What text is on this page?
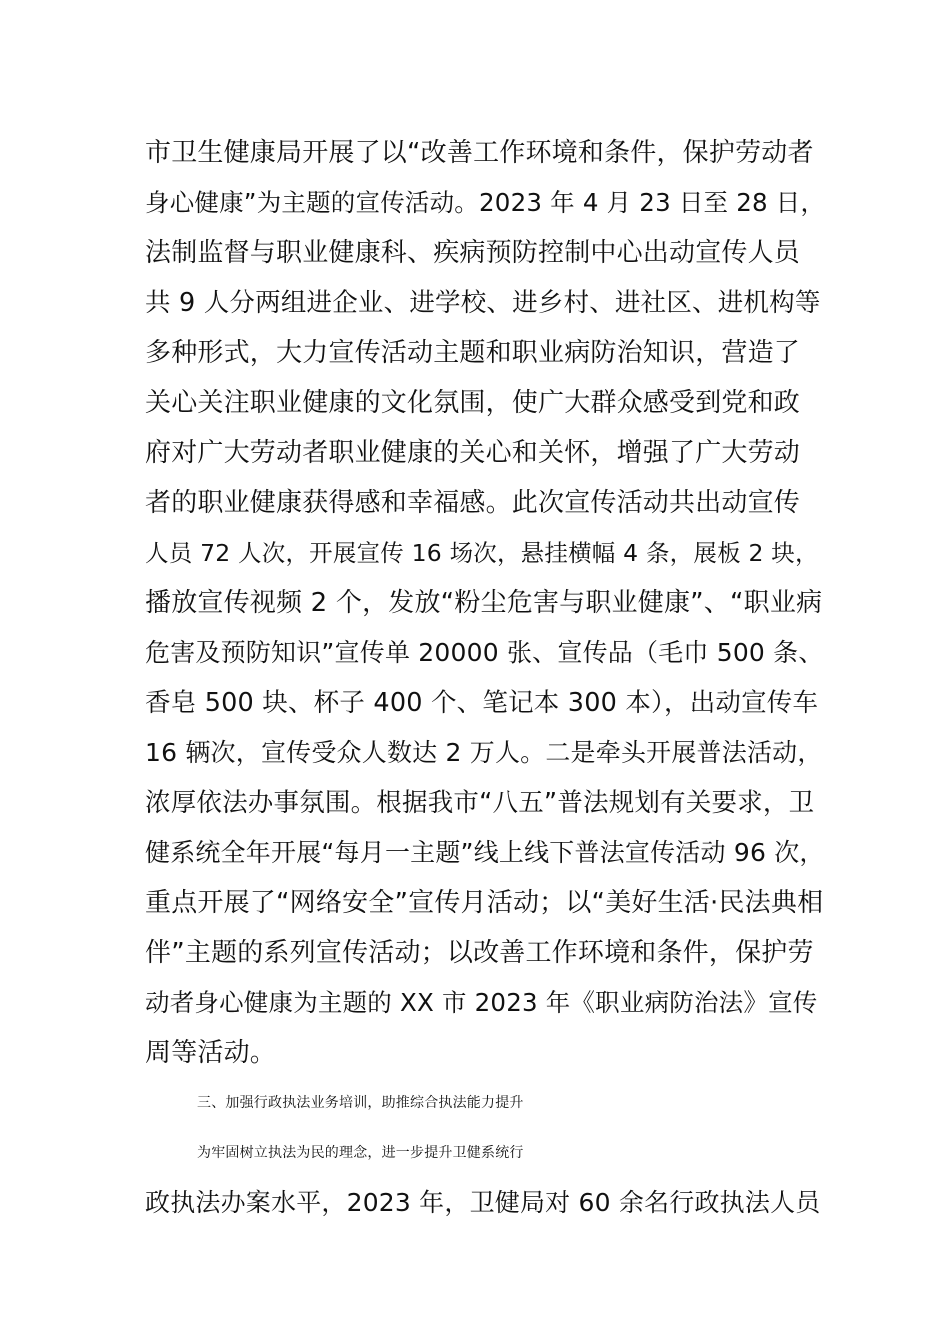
市卫生健康局开展了以“改善工作环境和条件，保护劳动者
身心健康”为主题的宣传活动。2023 年 4 月 23 日至 28 日，
法制监督与职业健康科、疾病预防控制中心出动宣传人员
共 9 人分两组进企业、进学校、进乡村、进社区、进机构等
多种形式，大力宣传活动主题和职业病防治知识，营造了
关心关注职业健康的文化氛围，使广大群众感受到党和政
府对广大劳动者职业健康的关心和关怀，增强了广大劳动
者的职业健康获得感和幸福感。此次宣传活动共出动宣传
人员 72 人次，开展宣传 16 场次，悬挂横幅 4 条，展板 2 块，
播放宣传视频 2 个，发放“粉尘危害与职业健康”、“职业病
危害及预防知识”宣传单 20000 张、宣传品（毛巾 500 条、
香皂 500 块、杯子 400 个、笔记本 300 本），出动宣传车
16 辆次，宣传受众人数达 2 万人。二是牵头开展普法活动，
浓厚依法办事氛围。根据我市“八五”普法规划有关要求，卫
健系统全年开展“每月一主题”线上线下普法宣传活动 96 次，
重点开展了“网络安全”宣传月活动；以“美好生活·民法典相
伴”主题的系列宣传活动；以改善工作环境和条件，保护劳
动者身心健康为主题的 XX 市 2023 年《职业病防治法》宣传
周等活动。
三、加强行政执法业务培训，助推综合执法能力提升
为牢固树立执法为民的理念，进一步提升卫健系统行
政执法办案水平，2023 年，卫健局对 60 余名行政执法人员
